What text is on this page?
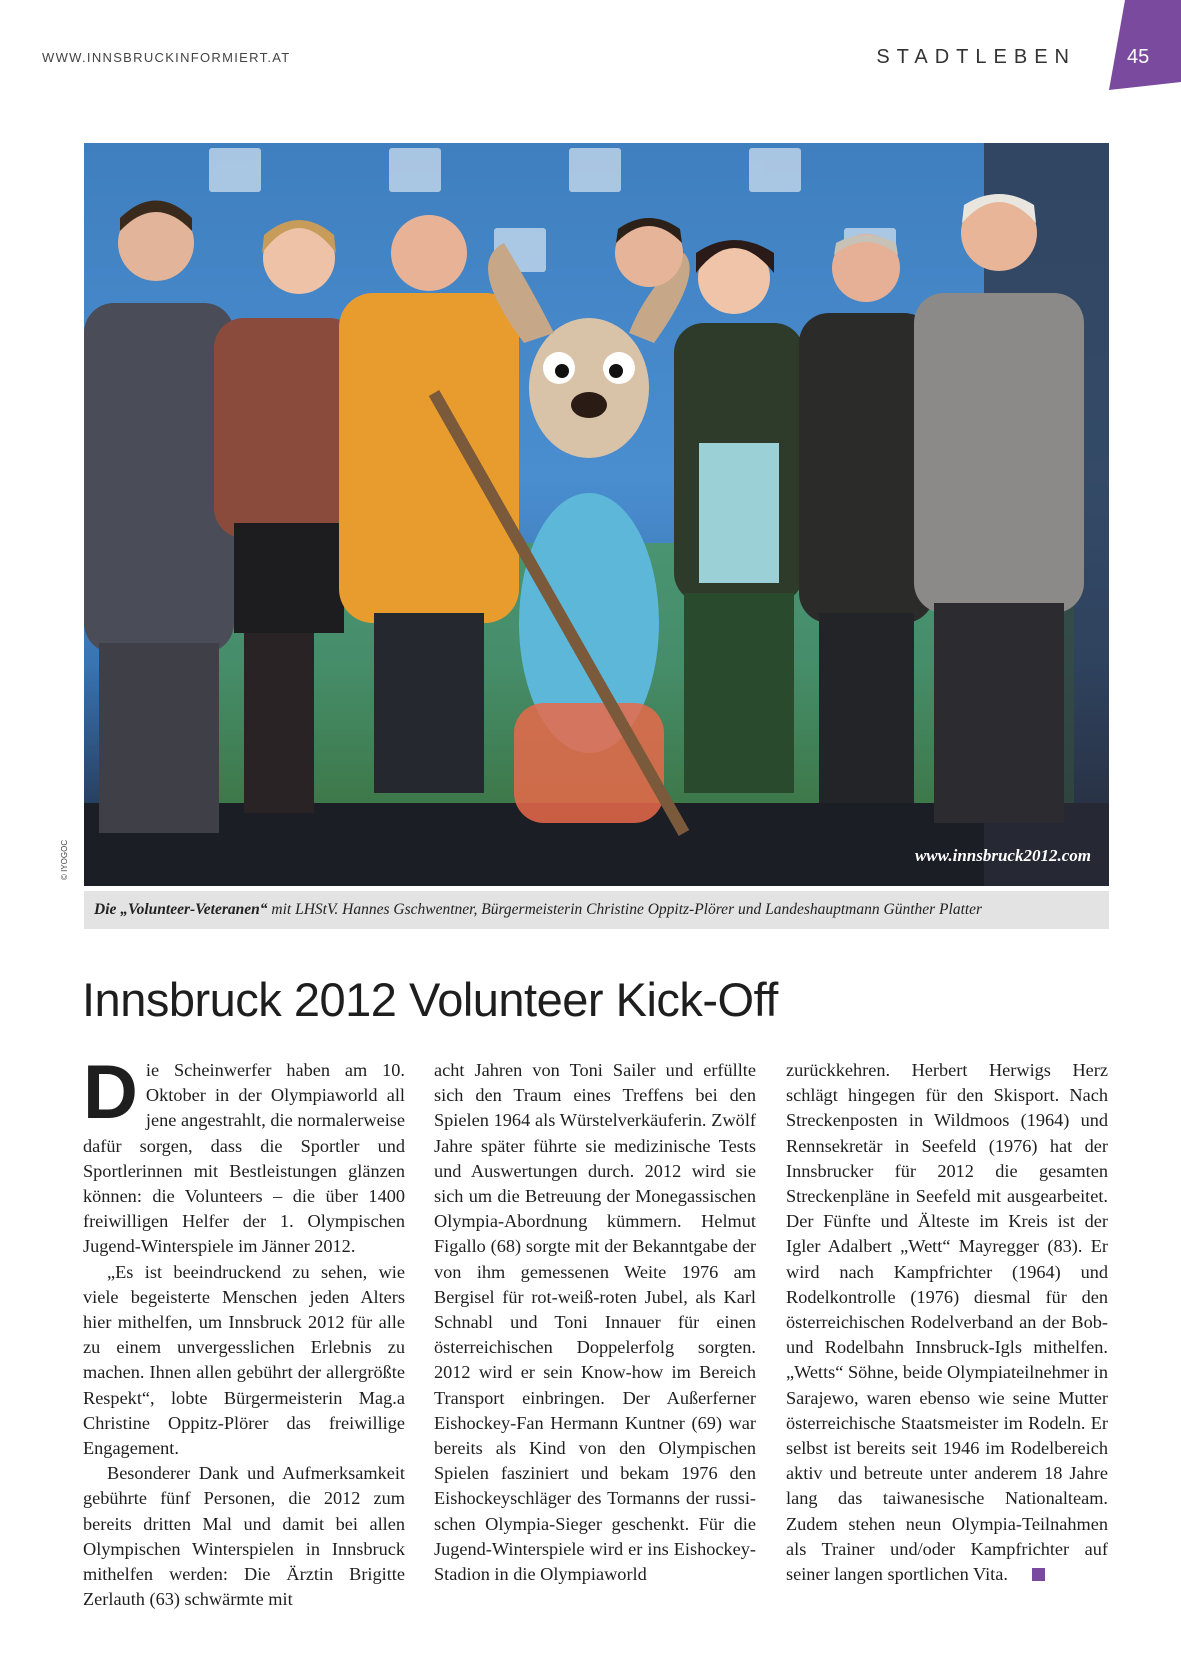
WWW.INNSBRUCKINFORMIERT.AT	STADTLEBEN	45
www.innsbruck2012.com
© IYOGOC
Die „Volunteer-Veteranen“ mit LHStV. Hannes Gschwentner, Bürgermeisterin Christine Oppitz-Plörer und Landeshauptmann Günther Platter
Innsbruck 2012 Volunteer Kick-Off

Die Scheinwerfer haben am 10. Oktober in der Olympiaworld all jene angestrahlt, die normalerweise dafür sorgen, dass die Sportler und Sportlerinnen mit Bestleistungen glänzen können: die Volunteers – die über 1400 freiwilligen Helfer der 1. Olympischen Jugend-Winterspiele im Jänner 2012.

„Es ist beeindruckend zu sehen, wie viele begeisterte Menschen jeden Alters hier mithelfen, um Innsbruck 2012 für alle zu einem unvergesslichen Erlebnis zu machen. Ihnen allen gebührt der allergrößte Respekt“, lobte Bürgermeisterin Mag.a Christine Oppitz-Plörer das freiwillige Engagement.

Besonderer Dank und Aufmerksamkeit gebührte fünf Personen, die 2012 zum bereits dritten Mal und damit bei allen Olympischen Winterspielen in Innsbruck mithelfen werden: Die Ärztin Brigitte Zerlauth (63) schwärmte mit

acht Jahren von Toni Sailer und erfüllte sich den Traum eines Treffens bei den Spielen 1964 als Würstelverkäuferin. Zwölf Jahre später führte sie medizinische Tests und Auswertungen durch. 2012 wird sie sich um die Betreuung der Monegassischen Olympia-Abordnung kümmern. Helmut Figallo (68) sorgte mit der Bekanntgabe der von ihm gemessenen Weite 1976 am Bergisel für rot-weiß-roten Jubel, als Karl Schnabl und Toni Innauer für einen österreichischen Doppelerfolg sorgten. 2012 wird er sein Know-how im Bereich Transport einbringen. Der Außerferner Eishockey-Fan Hermann Kuntner (69) war bereits als Kind von den Olympischen Spielen fasziniert und bekam 1976 den Eishockeyschläger des Tormanns der russischen Olympia-Sieger geschenkt. Für die Jugend-Winterspiele wird er ins Eishockey-Stadion in die Olympiaworld

zurückkehren. Herbert Herwigs Herz schlägt hingegen für den Skisport. Nach Streckenposten in Wildmoos (1964) und Rennsekretär in Seefeld (1976) hat der Innsbrucker für 2012 die gesamten Streckenpläne in Seefeld mit ausgearbeitet. Der Fünfte und Älteste im Kreis ist der Igler Adalbert „Wett“ Mayregger (83). Er wird nach Kampfrichter (1964) und Rodelkontrolle (1976) diesmal für den österreichischen Rodelverband an der Bob- und Rodelbahn Innsbruck-Igls mithelfen. „Wetts“ Söhne, beide Olympiateilnehmer in Sarajewo, waren ebenso wie seine Mutter österreichische Staatsmeister im Rodeln. Er selbst ist bereits seit 1946 im Rodelbereich aktiv und betreute unter anderem 18 Jahre lang das taiwanesische Nationalteam. Zudem stehen neun Olympia-Teilnahmen als Trainer und/oder Kampfrichter auf seiner langen sportlichen Vita.
